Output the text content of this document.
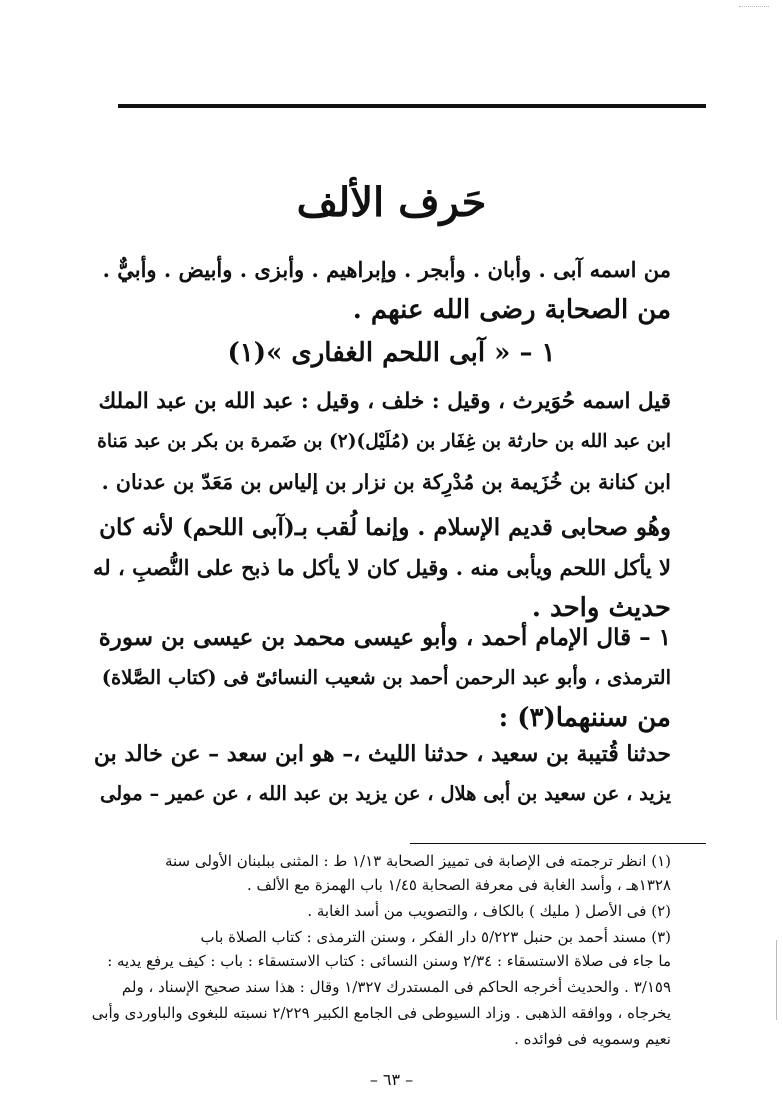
حَرف الألف
من اسمه آبى . وأبان . وأبجر . وإبراهيم . وأبزى . وأبيض . وأبيٌّ .
من الصحابة رضى الله عنهم .
١ – « آبى اللحم الغفارى »(١)
قيل اسمه حُوَيرث ، وقيل : خلف ، وقيل : عبد الله بن عبد الملك
ابن عبد الله بن حارثة بن غِفَار بن (مُلَيْل)(٢) بن ضَمرة بن بكر بن عبد مَناة
ابن كنانة بن خُزَيمة بن مُدْرِكة بن نزار بن إلياس بن مَعَدّ بن عدنان .
وهُو صحابى قديم الإسلام . وإنما لُقب بـ(آبى اللحم) لأنه كان
لا يأكل اللحم ويأبى منه . وقيل كان لا يأكل ما ذبح على النُّصبِ ، له
حديث واحد .
١ – قال الإمام أحمد ، وأبو عيسى محمد بن عيسى بن سورة
الترمذى ، وأبو عبد الرحمن أحمد بن شعيب النسائىّ فى (كتاب الصَّلاة)
من سننهما(٣) :
حدثنا قُتيبة بن سعيد ، حدثنا الليث ،– هو ابن سعد – عن خالد بن
يزيد ، عن سعيد بن أبى هلال ، عن يزيد بن عبد الله ، عن عمير – مولى
(١) انظر ترجمته فى الإصابة فى تمييز الصحابة ١/١٣ ط : المثنى ببلبنان الأولى سنة
١٣٢٨هـ ، وأسد الغابة فى معرفة الصحابة ١/٤٥ باب الهمزة مع الألف .
(٢) فى الأصل ( مليك ) بالكاف ، والتصويب من أسد الغابة .
(٣) مسند أحمد بن حنبل ٥/٢٢٣ دار الفكر ، وسنن الترمذى : كتاب الصلاة باب
ما جاء فى صلاة الاستسقاء : ٢/٣٤ وسنن النسائى : كتاب الاستسقاء : باب : كيف يرفع يديه :
٣/١٥٩ . والحديث أخرجه الحاكم فى المستدرك ١/٣٢٧ وقال : هذا سند صحيح الإسناد ، ولم
يخرجاه ، ووافقه الذهبى . وزاد السيوطى فى الجامع الكبير ٢/٢٢٩ نسبته للبغوى والباوردى وأبى
نعيم وسمويه فى فوائده .
– ٦٣ –
